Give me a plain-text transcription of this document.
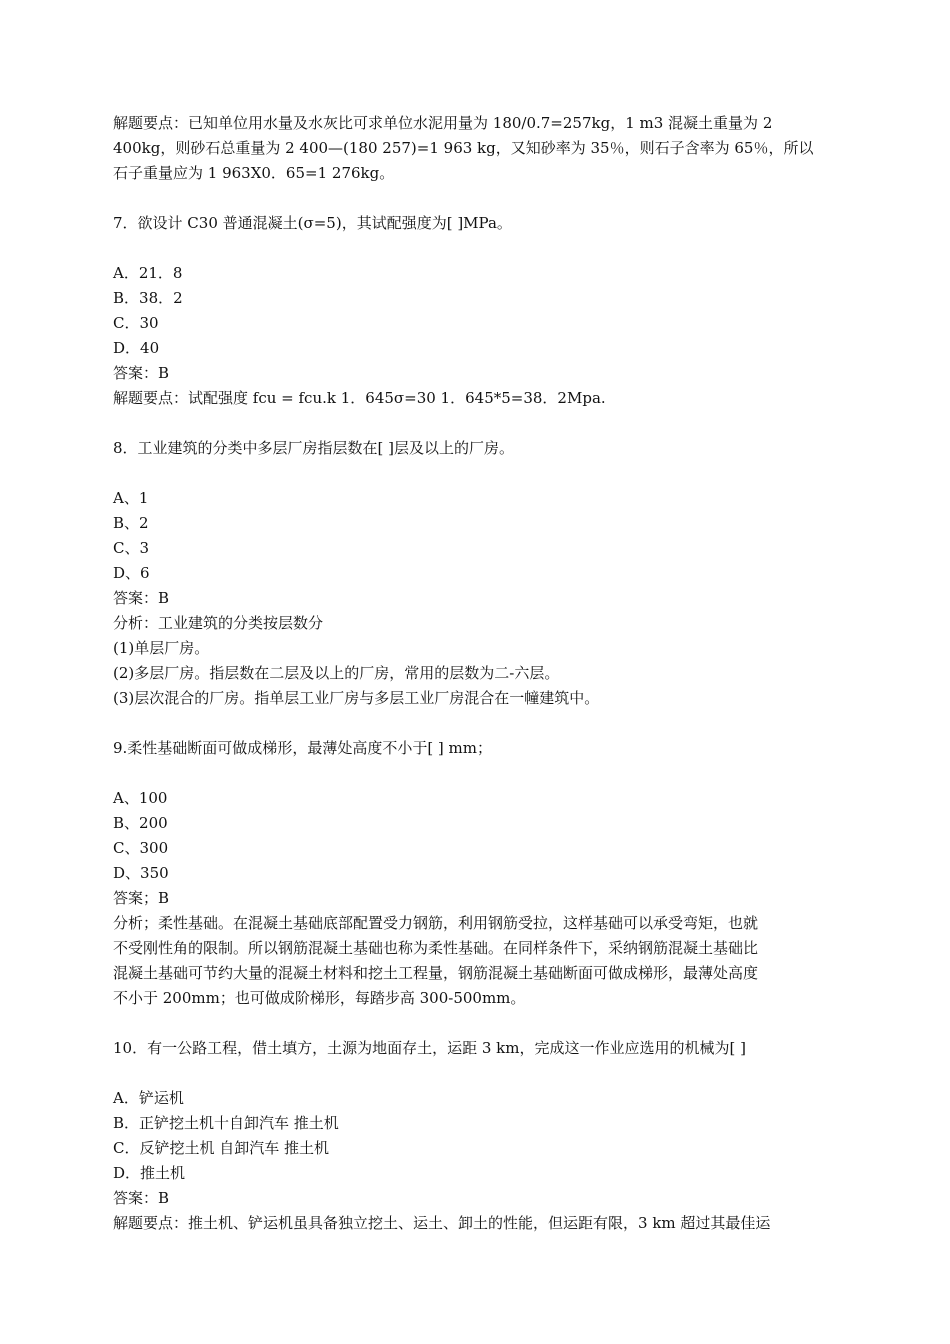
解题要点：已知单位用水量及水灰比可求单位水泥用量为 180/0.7=257kg，1 m3 混凝土重量为 2
400kg，则砂石总重量为 2 400—(180 257)=1 963 kg，又知砂率为 35％，则石子含率为 65％，所以
石子重量应为 1 963X0．65=1 276kg。
7．欲设计 C30 普通混凝土(σ=5)，其试配强度为[ ]MPa。
A．21．8
B．38．2
C．30
D．40
答案：B
解题要点：试配强度 fcu = fcu.k 1．645σ=30 1．645*5=38．2Mpa.
8．工业建筑的分类中多层厂房指层数在[ ]层及以上的厂房。
A、1
B、2
C、3
D、6
答案：B
分析：工业建筑的分类按层数分
(1)单层厂房。
(2)多层厂房。指层数在二层及以上的厂房，常用的层数为二-六层。
(3)层次混合的厂房。指单层工业厂房与多层工业厂房混合在一幢建筑中。
9.柔性基础断面可做成梯形，最薄处高度不小于[ ] mm；
A、100
B、200
C、300
D、350
答案；B
分析；柔性基础。在混凝土基础底部配置受力钢筋，利用钢筋受拉，这样基础可以承受弯矩，也就
不受刚性角的限制。所以钢筋混凝土基础也称为柔性基础。在同样条件下，采纳钢筋混凝土基础比
混凝土基础可节约大量的混凝土材料和挖土工程量，钢筋混凝土基础断面可做成梯形，最薄处高度
不小于 200mm；也可做成阶梯形，每踏步高 300-500mm。
10．有一公路工程，借土填方，土源为地面存土，运距 3 km，完成这一作业应选用的机械为[ ]
A．铲运机
B．正铲挖土机十自卸汽车 推土机
C．反铲挖土机 自卸汽车 推土机
D．推土机
答案：B
解题要点：推土机、铲运机虽具备独立挖土、运土、卸土的性能，但运距有限，3 km 超过其最佳运
